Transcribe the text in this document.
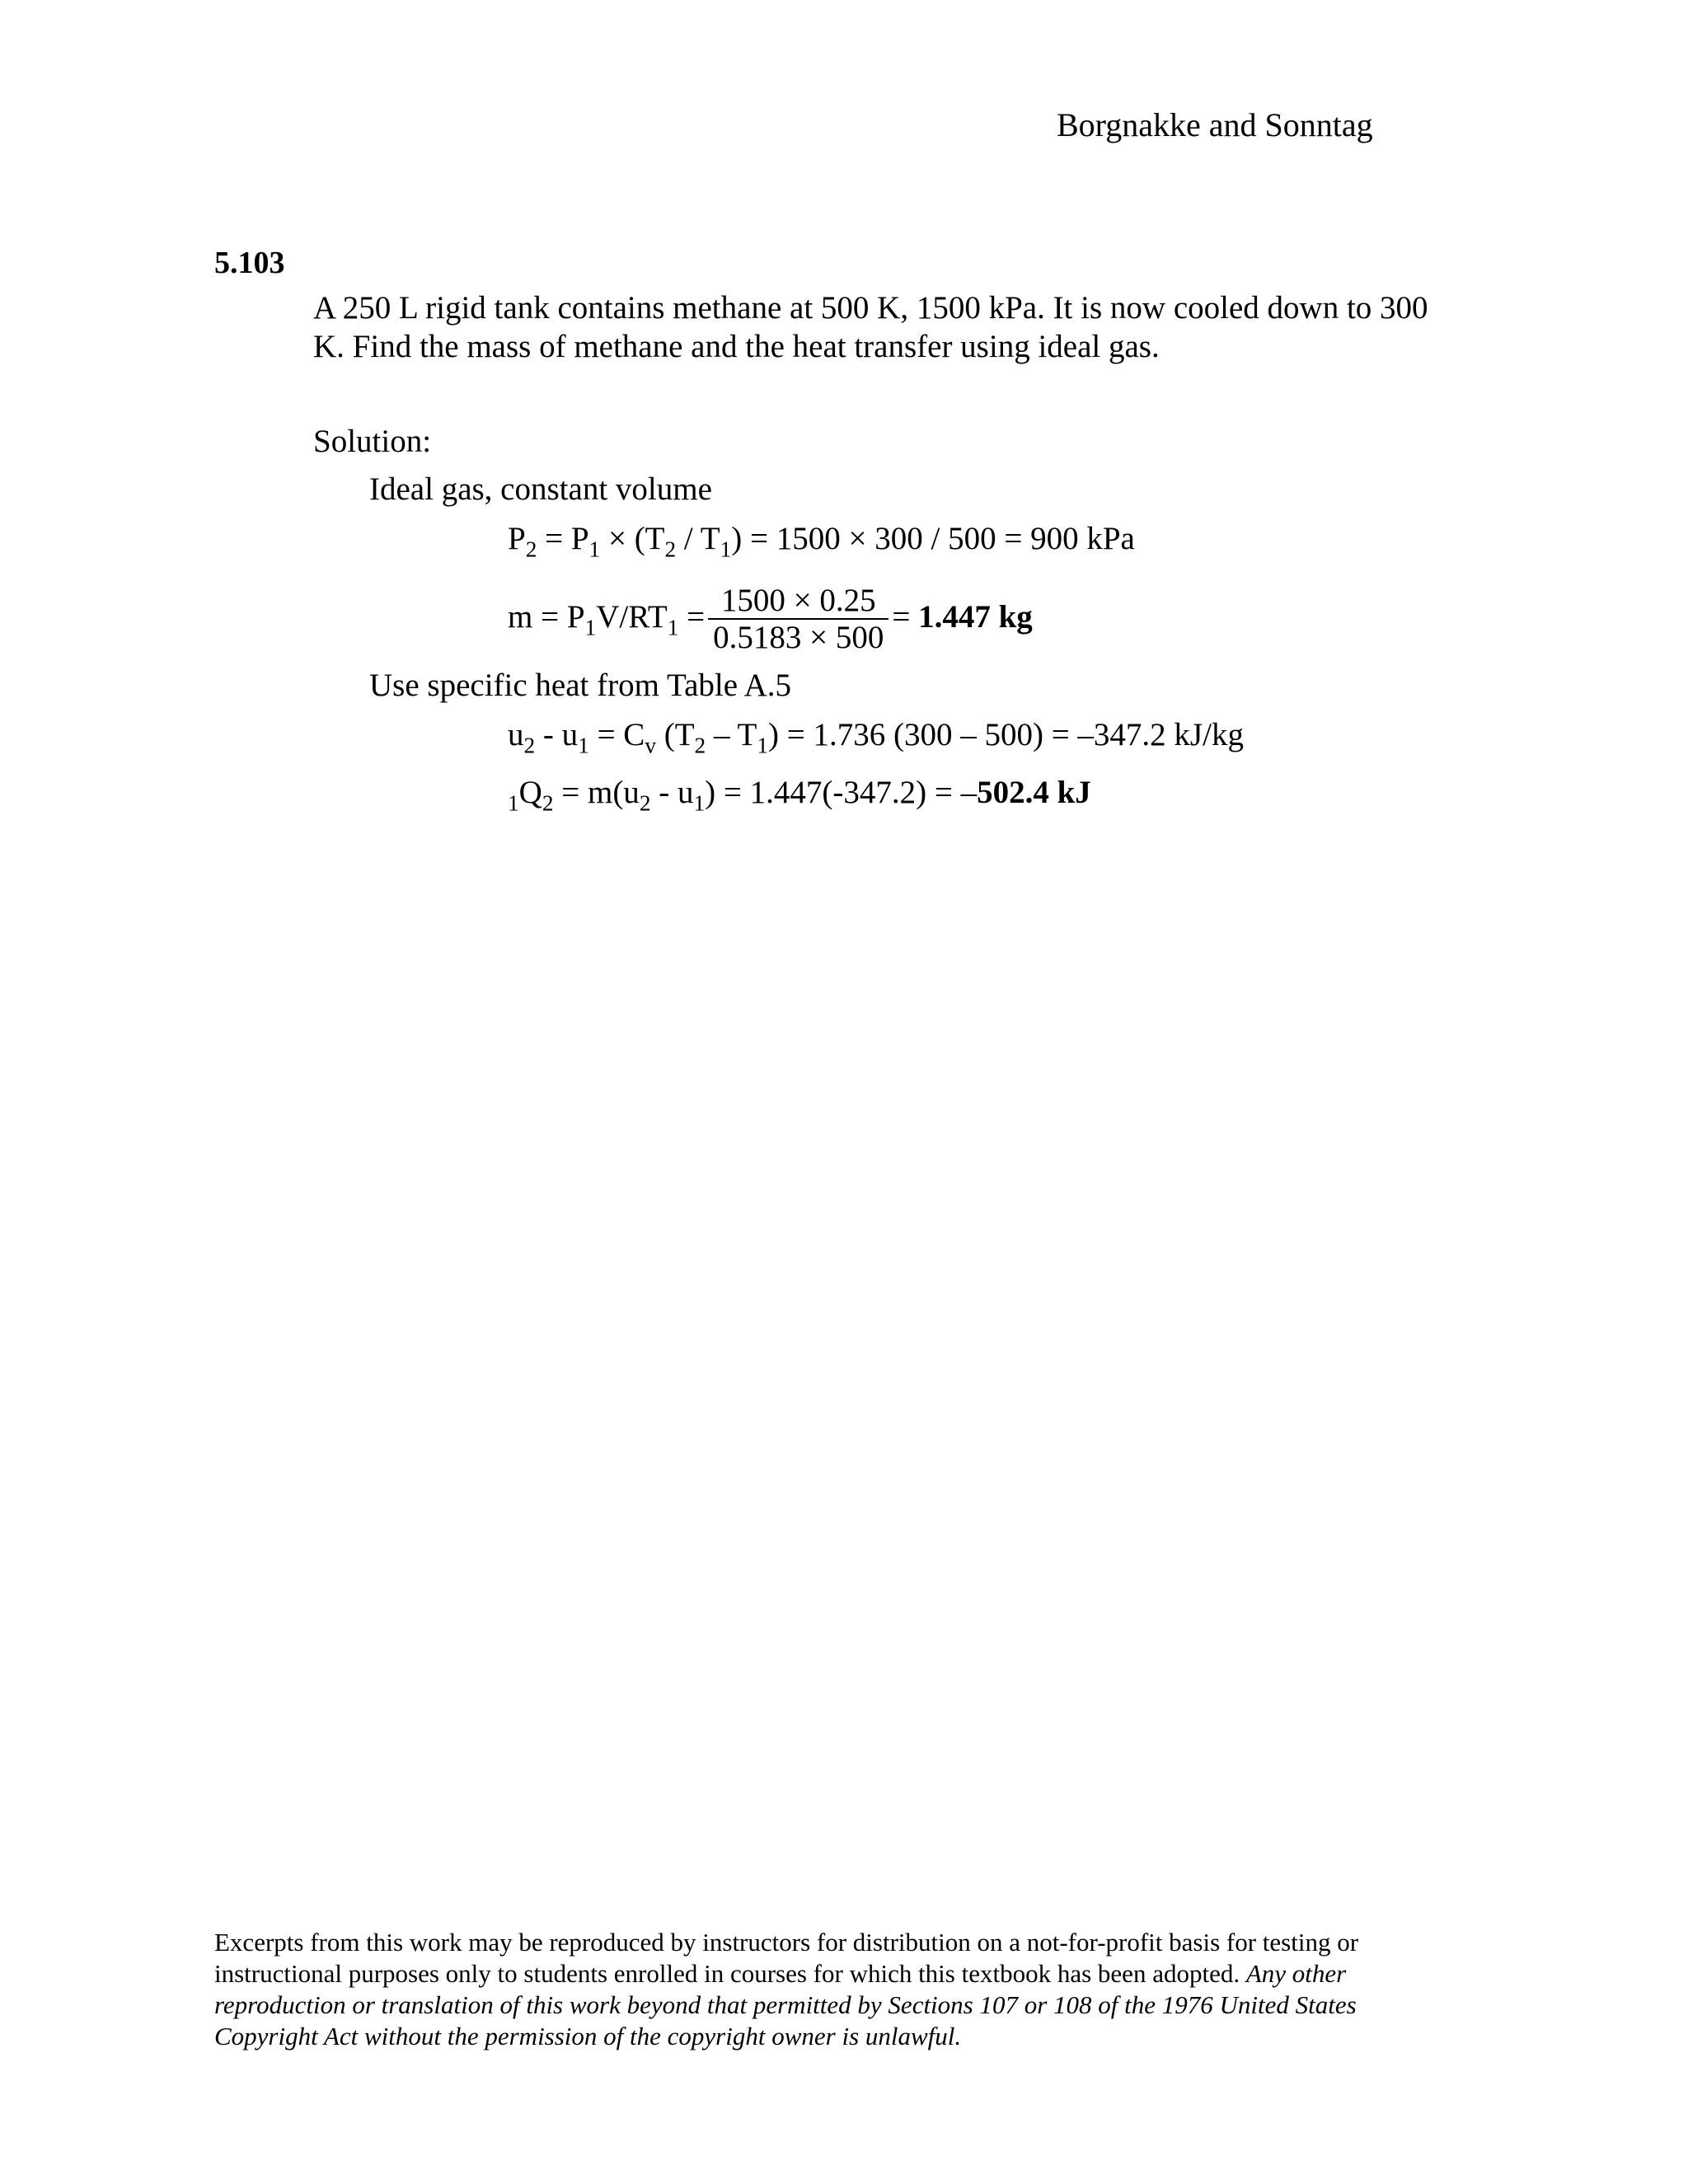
Borgnakke and Sonntag
5.103
A 250 L rigid tank contains methane at 500 K, 1500 kPa. It is now cooled down to 300 K. Find the mass of methane and the heat transfer using ideal gas.
Solution:
Ideal gas, constant volume
$P_2 = P_1 \times (T_2 / T_1) = 1500 \times 300 / 500 = 900$ kPa
$m = P_1V/RT_1 = \frac{1500 \times 0.25}{0.5183 \times 500} = 1.447$ kg
Use specific heat from Table A.5
$u_2 - u_1 = C_v$ $(T_2 - T_1) = 1.736$ (300 – 500) = –347.2 kJ/kg
$_1Q_2 = m(u_2 - u_1) = 1.447(-347.2) = -502.4$ kJ
Excerpts from this work may be reproduced by instructors for distribution on a not-for-profit basis for testing or instructional purposes only to students enrolled in courses for which this textbook has been adopted. Any other reproduction or translation of this work beyond that permitted by Sections 107 or 108 of the 1976 United States Copyright Act without the permission of the copyright owner is unlawful.
